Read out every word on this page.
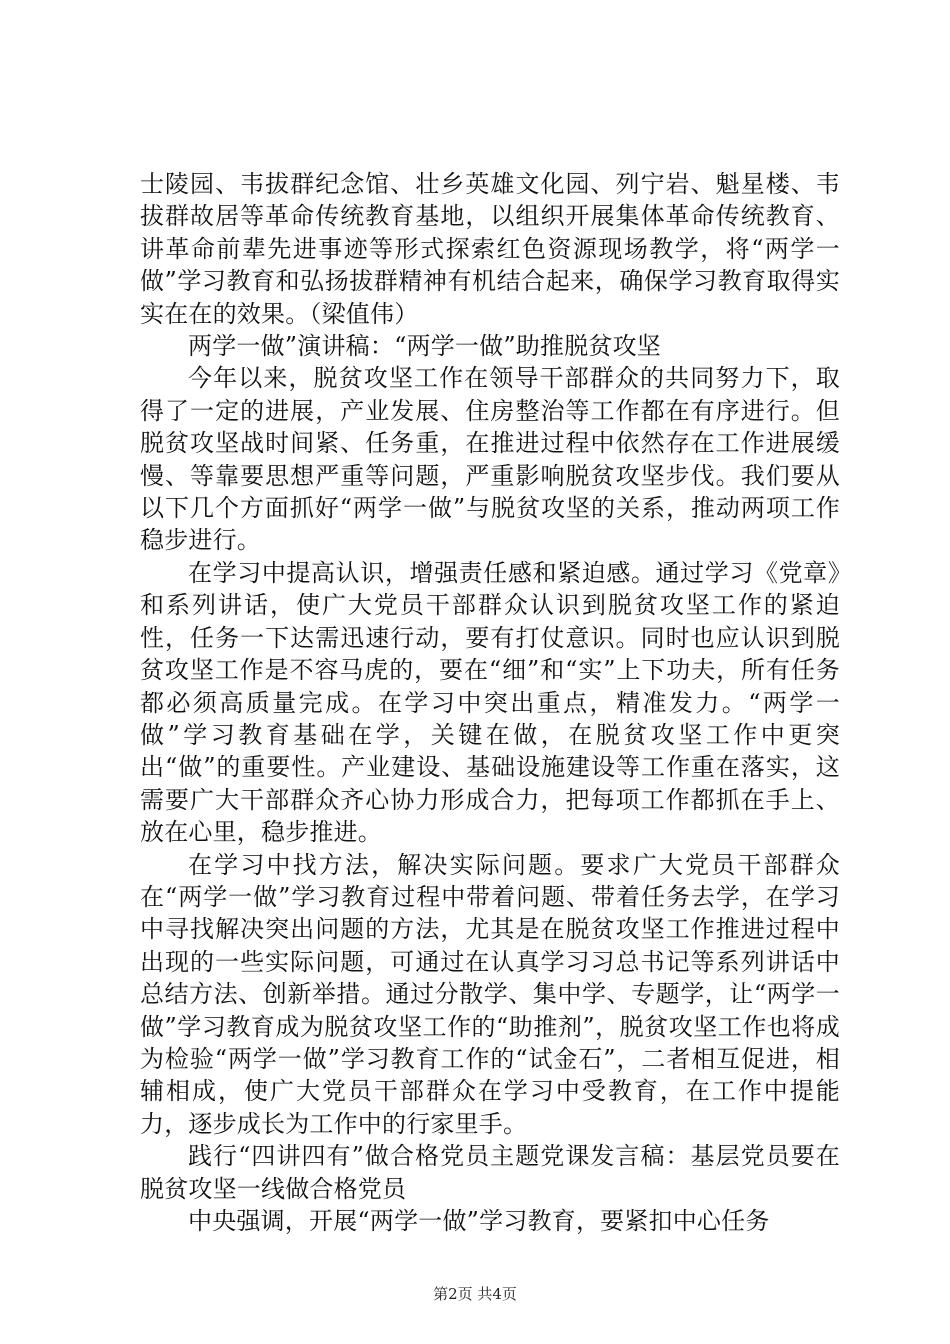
士陵园、韦拔群纪念馆、壮乡英雄文化园、列宁岩、魁星楼、韦拔群故居等革命传统教育基地，以组织开展集体革命传统教育、讲革命前辈先进事迹等形式探索红色资源现场教学，将“两学一做”学习教育和弘扬拔群精神有机结合起来，确保学习教育取得实实在在的效果。（梁值伟）

两学一做”演讲稿：“两学一做”助推脱贫攻坚

今年以来，脱贫攻坚工作在领导干部群众的共同努力下，取得了一定的进展，产业发展、住房整治等工作都在有序进行。但脱贫攻坚战时间紧、任务重，在推进过程中依然存在工作进展缓慢、等靠要思想严重等问题，严重影响脱贫攻坚步伐。我们要从以下几个方面抓好“两学一做”与脱贫攻坚的关系，推动两项工作稳步进行。

在学习中提高认识，增强责任感和紧迫感。通过学习《党章》和系列讲话，使广大党员干部群众认识到脱贫攻坚工作的紧迫性，任务一下达需迅速行动，要有打仗意识。同时也应认识到脱贫攻坚工作是不容马虎的，要在“细”和“实”上下功夫，所有任务都必须高质量完成。在学习中突出重点，精准发力。“两学一做”学习教育基础在学，关键在做，在脱贫攻坚工作中更突出“做”的重要性。产业建设、基础设施建设等工作重在落实，这需要广大干部群众齐心协力形成合力，把每项工作都抓在手上、放在心里，稳步推进。

在学习中找方法，解决实际问题。要求广大党员干部群众在“两学一做”学习教育过程中带着问题、带着任务去学，在学习中寻找解决突出问题的方法，尤其是在脱贫攻坚工作推进过程中出现的一些实际问题，可通过在认真学习习总书记等系列讲话中总结方法、创新举措。通过分散学、集中学、专题学，让“两学一做”学习教育成为脱贫攻坚工作的“助推剂”，脱贫攻坚工作也将成为检验“两学一做”学习教育工作的“试金石”，二者相互促进，相辅相成，使广大党员干部群众在学习中受教育，在工作中提能力，逐步成长为工作中的行家里手。

践行“四讲四有”做合格党员主题党课发言稿：基层党员要在脱贫攻坚一线做合格党员

中央强调，开展“两学一做”学习教育，要紧扣中心任务

第2页 共4页
